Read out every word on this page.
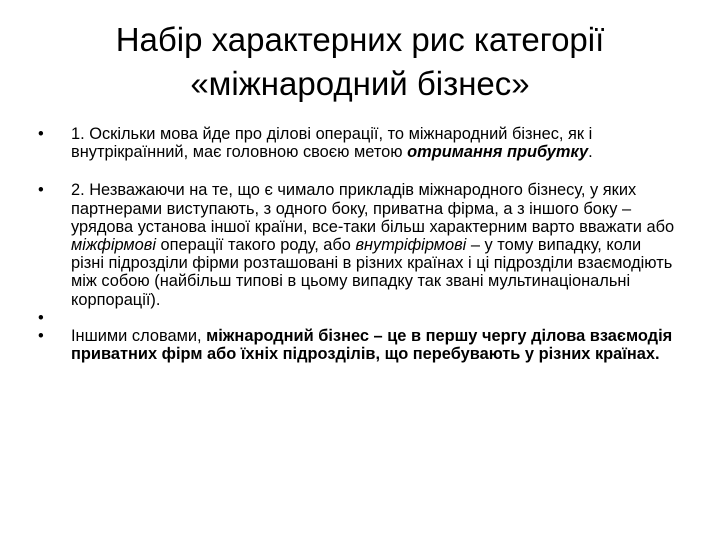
Набір характерних рис категорії
«міжнародний бізнес»
• 1. Оскільки мова йде про ділові операції, то міжнародний бізнес, як і внутрікраїнний, має головною своєю метою отримання прибутку.
• 2. Незважаючи на те, що є чимало прикладів міжнародного бізнесу, у яких партнерами виступають, з одного боку, приватна фірма, а з іншого боку – урядова установа іншої країни, все-таки більш характерним варто вважати або міжфірмові операції такого роду, або внутріфірмові – у тому випадку, коли різні підрозділи фірми розташовані в різних країнах і ці підрозділи взаємодіють між собою (найбільш типові в цьому випадку так звані мультинаціональні корпорації).
•
• Іншими словами, міжнародний бізнес – це в першу чергу ділова взаємодія приватних фірм або їхніх підрозділів, що перебувають у різних країнах.
